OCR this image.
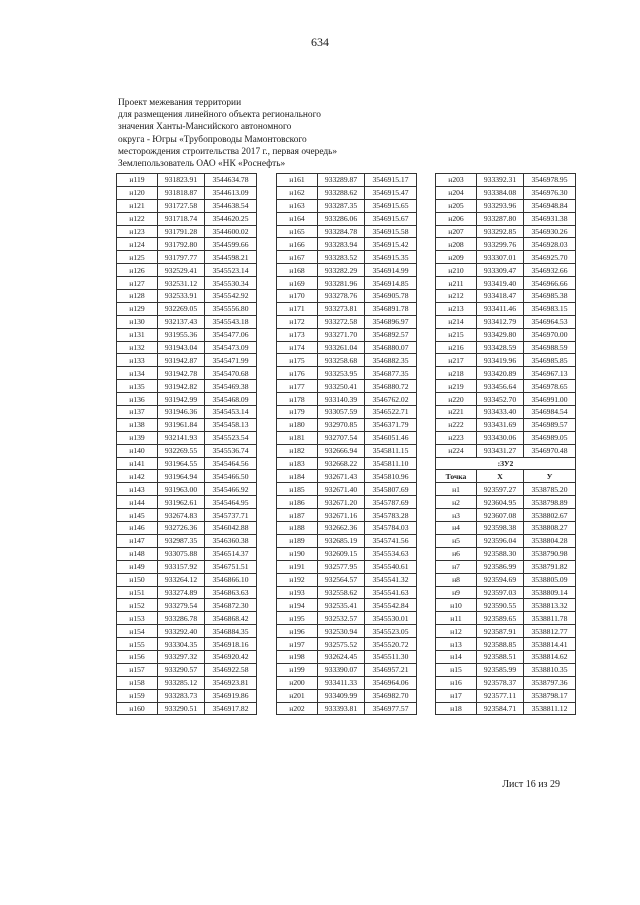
634
Проект межевания территории
для размещения линейного объекта регионального
значения Ханты-Мансийского автономного
округа - Югры «Трубопроводы Мамонтовского
месторождения строительства 2017 г., первая очередь»
Землепользователь ОАО «НК «Роснефть»
н119	931823.91	3544634.78
н120	931818.87	3544613.09
н121	931727.58	3544638.54
н122	931718.74	3544620.25
н123	931791.28	3544600.02
н124	931792.80	3544599.66
н125	931797.77	3544598.21
н126	932529.41	3545523.14
н127	932531.12	3545530.34
н128	932533.91	3545542.92
н129	932269.05	3545556.80
н130	932137.43	3545543.18
н131	931955.36	3545477.06
н132	931943.04	3545473.09
н133	931942.87	3545471.99
н134	931942.78	3545470.68
н135	931942.82	3545469.38
н136	931942.99	3545468.09
н137	931946.36	3545453.14
н138	931961.84	3545458.13
н139	932141.93	3545523.54
н140	932269.55	3545536.74
н141	931964.55	3545464.56
н142	931964.94	3545466.50
н143	931963.00	3545466.92
н144	931962.61	3545464.95
н145	932674.83	3545737.71
н146	932726.36	3546042.88
н147	932987.35	3546360.38
н148	933075.88	3546514.37
н149	933157.92	3546751.51
н150	933264.12	3546866.10
н151	933274.89	3546863.63
н152	933279.54	3546872.30
н153	933286.78	3546868.42
н154	933292.40	3546884.35
н155	933304.35	3546918.16
н156	933297.32	3546920.42
н157	933290.57	3546922.58
н158	933285.12	3546923.81
н159	933283.73	3546919.86
н160	933290.51	3546917.82
н161	933289.87	3546915.17
н162	933288.62	3546915.47
н163	933287.35	3546915.65
н164	933286.06	3546915.67
н165	933284.78	3546915.58
н166	933283.94	3546915.42
н167	933283.52	3546915.35
н168	933282.29	3546914.99
н169	933281.96	3546914.85
н170	933278.76	3546905.78
н171	933273.81	3546891.78
н172	933272.58	3546896.97
н173	933271.70	3546892.57
н174	933261.04	3546880.07
н175	933258.68	3546882.35
н176	933253.95	3546877.35
н177	933250.41	3546880.72
н178	933140.39	3546762.02
н179	933057.59	3546522.71
н180	932970.85	3546371.79
н181	932707.54	3546051.46
н182	932666.94	3545811.15
н183	932668.22	3545811.10
н184	932671.43	3545810.96
н185	932671.40	3545807.69
н186	932671.20	3545787.69
н187	932671.16	3545783.28
н188	932662.36	3545784.03
н189	932685.19	3545741.56
н190	932609.15	3545534.63
н191	932577.95	3545540.61
н192	932564.57	3545541.32
н193	932558.62	3545541.63
н194	932535.41	3545542.84
н195	932532.57	3545530.01
н196	932530.94	3545523.05
н197	932575.52	3545520.72
н198	932624.45	3545511.30
н199	933390.07	3546957.21
н200	933411.33	3546964.06
н201	933409.99	3546982.70
н202	933393.81	3546977.57
н203	933392.31	3546978.95
н204	933384.08	3546976.30
н205	933293.96	3546948.84
н206	933287.80	3546931.38
н207	933292.85	3546930.26
н208	933299.76	3546928.03
н209	933307.01	3546925.70
н210	933309.47	3546932.66
н211	933419.40	3546966.66
н212	933418.47	3546985.38
н213	933411.46	3546983.15
н214	933412.79	3546964.53
н215	933429.80	3546970.00
н216	933428.59	3546988.59
н217	933419.96	3546985.85
н218	933420.89	3546967.13
н219	933456.64	3546978.65
н220	933452.70	3546991.00
н221	933433.40	3546984.54
н222	933431.69	3546989.57
н223	933430.06	3546989.05
н224	933431.27	3546970.48
:ЗУ2		
Точка	X	У
н1	923597.27	3538785.20
н2	923604.95	3538798.89
н3	923607.08	3538802.67
н4	923598.38	3538808.27
н5	923596.04	3538804.28
н6	923588.30	3538790.98
н7	923586.99	3538791.82
н8	923594.69	3538805.09
н9	923597.03	3538809.14
н10	923590.55	3538813.32
н11	923589.65	3538811.78
н12	923587.91	3538812.77
н13	923588.85	3538814.41
н14	923588.51	3538814.62
н15	923585.99	3538810.35
н16	923578.37	3538797.36
н17	923577.11	3538798.17
н18	923584.71	3538811.12
Лист 16 из 29
